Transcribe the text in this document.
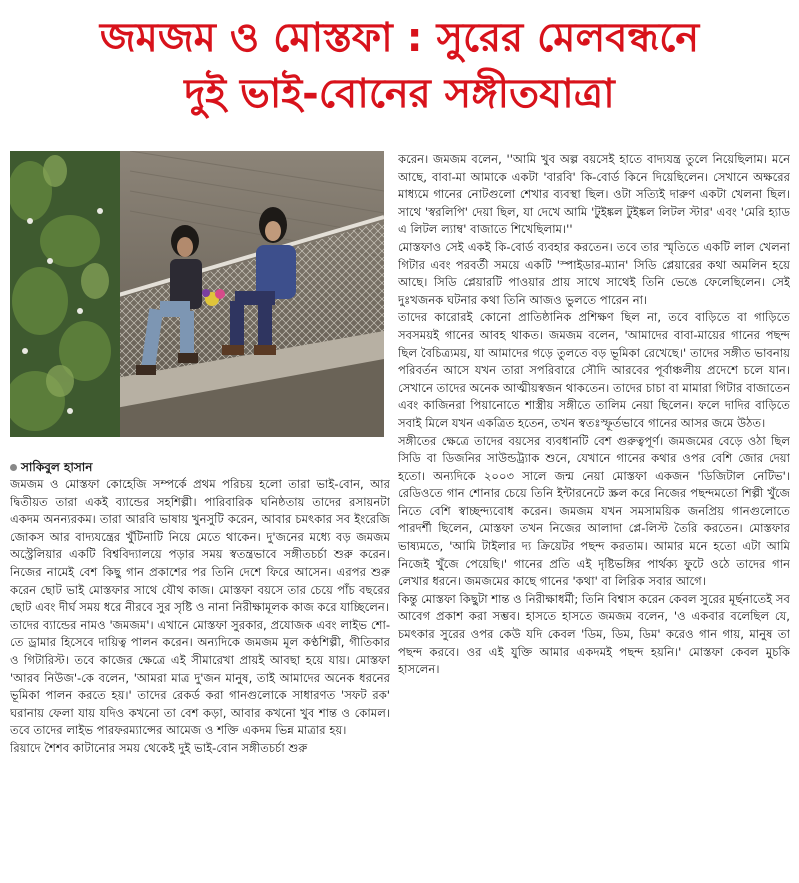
জমজম ও মোস্তফা : সুরের মেলবন্ধনে
দুই ভাই-বোনের সঙ্গীতযাত্রা
সাকিবুল হাসান

জমজম ও মোস্তফা কোহেজি সম্পর্কে প্রথম পরিচয় হলো তারা ভাই-বোন, আর দ্বিতীয়ত তারা একই ব্যান্ডের সহশিল্পী। পারিবারিক ঘনিষ্ঠতায় তাদের রসায়নটা একদম অনন্যরকম। তারা আরবি ভাষায় খুনসুটি করেন, আবার চমৎকার সব ইংরেজি জোকস আর বাদ্যযন্ত্রের খুঁটিনাটি নিয়ে মেতে থাকেন। দু'জনের মধ্যে বড় জমজম অস্ট্রেলিয়ার একটি বিশ্ববিদ্যালয়ে পড়ার সময় স্বতন্ত্রভাবে সঙ্গীতচর্চা শুরু করেন। নিজের নামেই বেশ কিছু গান প্রকাশের পর তিনি দেশে ফিরে আসেন। এরপর শুরু করেন ছোট ভাই মোস্তফার সাথে যৌথ কাজ। মোস্তফা বয়সে তার চেয়ে পাঁচ বছরের ছোট এবং দীর্ঘ সময় ধরে নীরবে সুর সৃষ্টি ও নানা নিরীক্ষামূলক কাজ করে যাচ্ছিলেন।

তাদের ব্যান্ডের নামও 'জমজম'। এখানে মোস্তফা সুরকার, প্রযোজক এবং লাইভ শো-তে ড্রামার হিসেবে দায়িত্ব পালন করেন। অন্যদিকে জমজম মূল কণ্ঠশিল্পী, গীতিকার ও গিটারিস্ট। তবে কাজের ক্ষেত্রে এই সীমারেখা প্রায়ই আবছা হয়ে যায়। মোস্তফা 'আরব নিউজ'-কে বলেন, 'আমরা মাত্র দু'জন মানুষ, তাই আমাদের অনেক ধরনের ভূমিকা পালন করতে হয়।' তাদের রেকর্ড করা গানগুলোকে সাধারণত 'সফট রক' ঘরানায় ফেলা যায় যদিও কখনো তা বেশ কড়া, আবার কখনো খুব শান্ত ও কোমল। তবে তাদের লাইভ পারফরম্যান্সের আমেজ ও শক্তি একদম ভিন্ন মাত্রার হয়।

রিয়াদে শৈশব কাটানোর সময় থেকেই দুই ভাই-বোন সঙ্গীতচর্চা শুরু

করেন। জমজম বলেন, ''আমি খুব অল্প বয়সেই হাতে বাদ্যযন্ত্র তুলে নিয়েছিলাম। মনে আছে, বাবা-মা আমাকে একটা 'বারবি' কি-বোর্ড কিনে দিয়েছিলেন। সেখানে অক্ষরের মাধ্যমে গানের নোটগুলো শেখার ব্যবস্থা ছিল। ওটা সত্যিই দারুণ একটা খেলনা ছিল। সাথে 'স্বরলিপি' দেয়া ছিল, যা দেখে আমি 'টুইঙ্কল টুইঙ্কল লিটল স্টার' এবং 'মেরি হ্যাড এ লিটল ল্যাম্ব' বাজাতে শিখেছিলাম।''

মোস্তফাও সেই একই কি-বোর্ড ব্যবহার করতেন। তবে তার স্মৃতিতে একটি লাল খেলনা গিটার এবং পরবর্তী সময়ে একটি 'স্পাইডার-ম্যান' সিডি প্লেয়ারের কথা অমলিন হয়ে আছে। সিডি প্লেয়ারটি পাওয়ার প্রায় সাথে সাথেই তিনি ভেঙে ফেলেছিলেন। সেই দুঃখজনক ঘটনার কথা তিনি আজও ভুলতে পারেন না।

তাদের কারোরই কোনো প্রাতিষ্ঠানিক প্রশিক্ষণ ছিল না, তবে বাড়িতে বা গাড়িতে সবসময়ই গানের আবহ থাকত। জমজম বলেন, 'আমাদের বাবা-মায়ের গানের পছন্দ ছিল বৈচিত্র্যময়, যা আমাদের গড়ে তুলতে বড় ভূমিকা রেখেছে।' তাদের সঙ্গীত ভাবনায় পরিবর্তন আসে যখন তারা সপরিবারে সৌদি আরবের পূর্বাঞ্চলীয় প্রদেশে চলে যান। সেখানে তাদের অনেক আত্মীয়স্বজন থাকতেন। তাদের চাচা বা মামারা গিটার বাজাতেন এবং কাজিনরা পিয়ানোতে শাস্ত্রীয় সঙ্গীতে তালিম নেয়া ছিলেন। ফলে দাদির বাড়িতে সবাই মিলে যখন একত্রিত হতেন, তখন স্বতঃস্ফূর্তভাবে গানের আসর জমে উঠত।

সঙ্গীতের ক্ষেত্রে তাদের বয়সের ব্যবধানটি বেশ গুরুত্বপূর্ণ। জমজমের বেড়ে ওঠা ছিল সিডি বা ডিজনির সাউন্ডট্র্যাক শুনে, যেখানে গানের কথার ওপর বেশি জোর দেয়া হতো। অন্যদিকে ২০০৩ সালে জন্ম নেয়া মোস্তফা একজন 'ডিজিটাল নেটিভ'। রেডিওতে গান শোনার চেয়ে তিনি ইন্টারনেটে স্ক্রল করে নিজের পছন্দমতো শিল্পী খুঁজে নিতে বেশি স্বাচ্ছন্দ্যবোধ করেন। জমজম যখন সমসাময়িক জনপ্রিয় গানগুলোতে পারদর্শী ছিলেন, মোস্তফা তখন নিজের আলাদা প্লে-লিস্ট তৈরি করতেন। মোস্তফার ভাষ্যমতে, 'আমি টাইলার দ্য ক্রিয়েটর পছন্দ করতাম। আমার মনে হতো এটা আমি নিজেই খুঁজে পেয়েছি।' গানের প্রতি এই দৃষ্টিভঙ্গির পার্থক্য ফুটে ওঠে তাদের গান লেখার ধরনে। জমজমের কাছে গানের 'কথা' বা লিরিক সবার আগে।

কিন্তু মোস্তফা কিছুটা শান্ত ও নিরীক্ষাধর্মী; তিনি বিশ্বাস করেন কেবল সুরের মূর্ছনাতেই সব আবেগ প্রকাশ করা সম্ভব। হাসতে হাসতে জমজম বলেন, 'ও একবার বলেছিল যে, চমৎকার সুরের ওপর কেউ যদি কেবল 'ডিম, ডিম, ডিম' করেও গান গায়, মানুষ তা পছন্দ করবে। ওর এই যুক্তি আমার একদমই পছন্দ হয়নি।' মোস্তফা কেবল মুচকি হাসলেন।
